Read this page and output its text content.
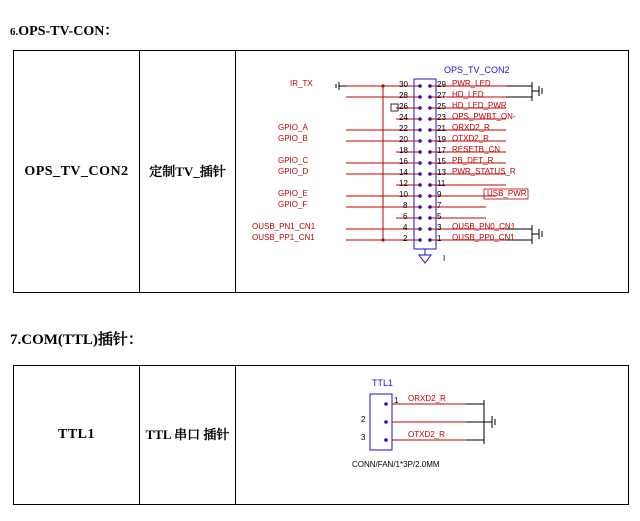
6.OPS-TV-CON：
OPS_TV_CON2	定制TV_插针	
OPS_TV_CON2
30
28
26
24
22
20
18
16
14
12
10
8
6
4
2
29
27
25
23
21
19
17
15
13
11
9
7
5
3
1
IR_TX
GPIO_A
GPIO_B
GPIO_C
GPIO_D
GPIO_E
GPIO_F
OUSB_PN1_CN1
OUSB_PP1_CN1
PWR_LED
HD_LED
HD_LED_PWR
OPS_PWBT_ON-
ORXD2_R
OTXD2_R
RESETB_CN
PB_DET_R
PWR_STATUS_R
USB_PWR
OUSB_PN0_CN1
OUSB_PP0_CN1
I
7.COM(TTL)插针：
TTL1	TTL 串口 插针	
TTL1
1
2
3
ORXD2_R
OTXD2_R
CONN/FAN/1*3P/2.0MM
